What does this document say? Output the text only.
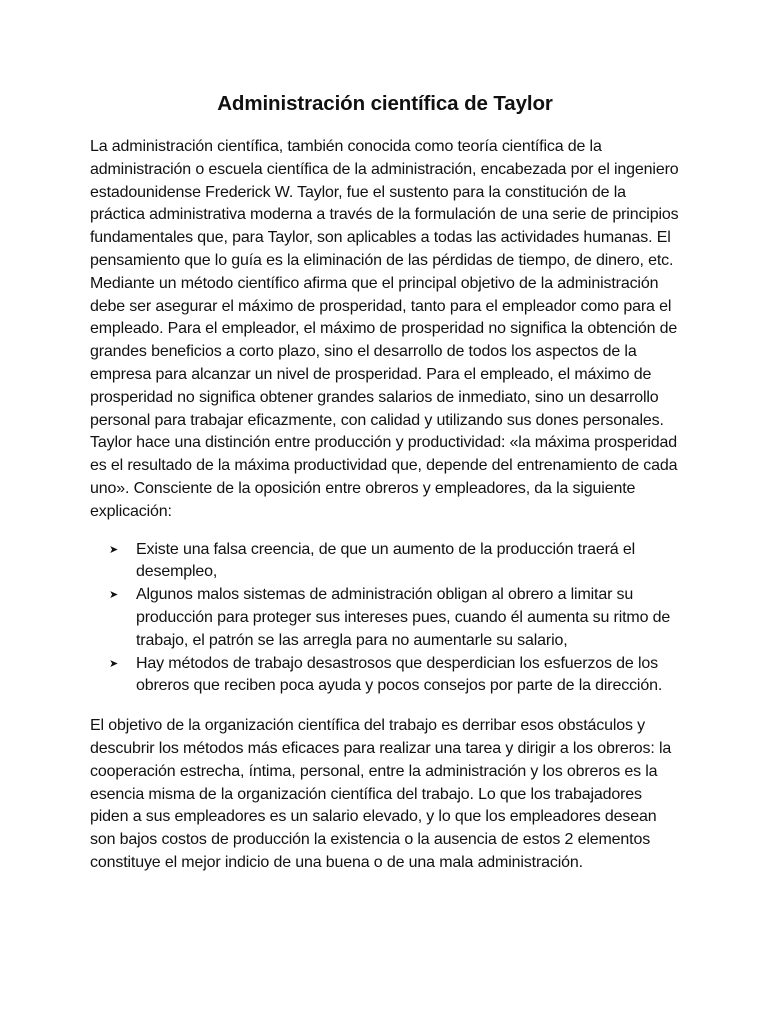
Administración científica de Taylor

La administración científica, también conocida como teoría científica de la administración o escuela científica de la administración, encabezada por el ingeniero estadounidense Frederick W. Taylor, fue el sustento para la constitución de la práctica administrativa moderna a través de la formulación de una serie de principios fundamentales que, para Taylor, son aplicables a todas las actividades humanas. El pensamiento que lo guía es la eliminación de las pérdidas de tiempo, de dinero, etc. Mediante un método científico afirma que el principal objetivo de la administración debe ser asegurar el máximo de prosperidad, tanto para el empleador como para el empleado. Para el empleador, el máximo de prosperidad no significa la obtención de grandes beneficios a corto plazo, sino el desarrollo de todos los aspectos de la empresa para alcanzar un nivel de prosperidad. Para el empleado, el máximo de prosperidad no significa obtener grandes salarios de inmediato, sino un desarrollo personal para trabajar eficazmente, con calidad y utilizando sus dones personales. Taylor hace una distinción entre producción y productividad: «la máxima prosperidad es el resultado de la máxima productividad que, depende del entrenamiento de cada uno». Consciente de la oposición entre obreros y empleadores, da la siguiente explicación:

➤ Existe una falsa creencia, de que un aumento de la producción traerá el desempleo,
➤ Algunos malos sistemas de administración obligan al obrero a limitar su producción para proteger sus intereses pues, cuando él aumenta su ritmo de trabajo, el patrón se las arregla para no aumentarle su salario,
➤ Hay métodos de trabajo desastrosos que desperdician los esfuerzos de los obreros que reciben poca ayuda y pocos consejos por parte de la dirección.

El objetivo de la organización científica del trabajo es derribar esos obstáculos y descubrir los métodos más eficaces para realizar una tarea y dirigir a los obreros: la cooperación estrecha, íntima, personal, entre la administración y los obreros es la esencia misma de la organización científica del trabajo. Lo que los trabajadores piden a sus empleadores es un salario elevado, y lo que los empleadores desean son bajos costos de producción la existencia o la ausencia de estos 2 elementos constituye el mejor indicio de una buena o de una mala administración.
